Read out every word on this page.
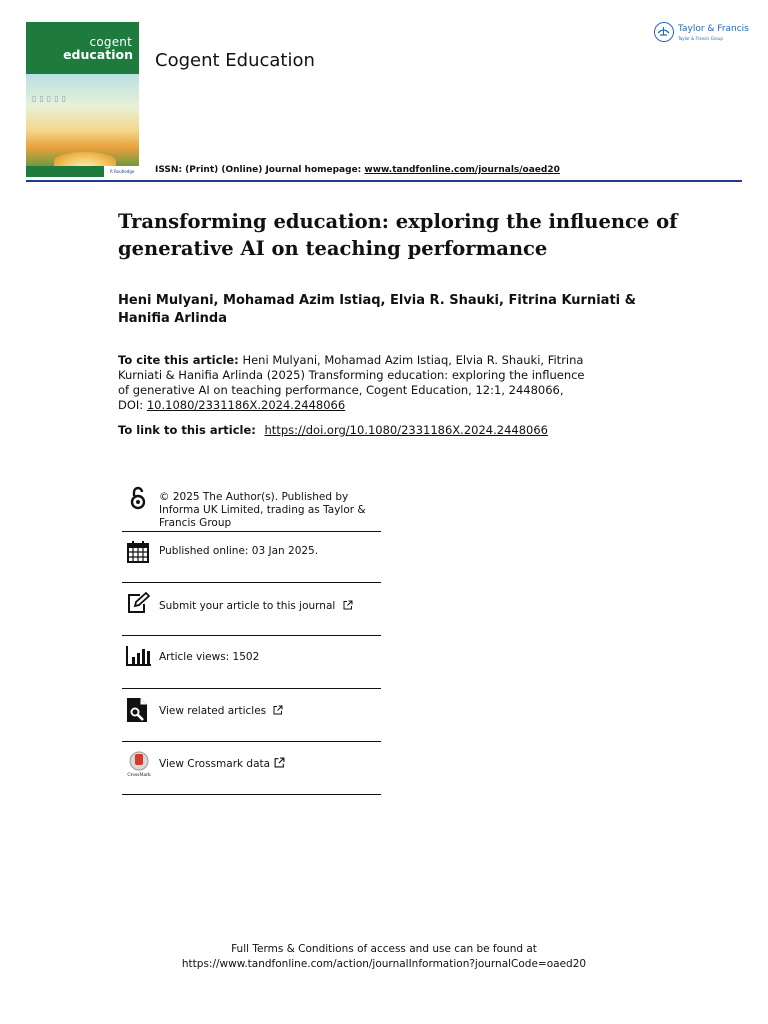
cogent
education
▯▯▯▯▯
R Routledge
Cogent Education
ISSN: (Print) (Online) Journal homepage: www.tandfonline.com/journals/oaed20
Taylor & Francis
Taylor & Francis Group
Transforming education: exploring the influence of generative AI on teaching performance
Heni Mulyani, Mohamad Azim Istiaq, Elvia R. Shauki, Fitrina Kurniati & Hanifia Arlinda
To cite this article: Heni Mulyani, Mohamad Azim Istiaq, Elvia R. Shauki, Fitrina Kurniati & Hanifia Arlinda (2025) Transforming education: exploring the influence of generative AI on teaching performance, Cogent Education, 12:1, 2448066, DOI: 10.1080/2331186X.2024.2448066
To link to this article: https://doi.org/10.1080/2331186X.2024.2448066
© 2025 The Author(s). Published by Informa UK Limited, trading as Taylor & Francis Group
Published online: 03 Jan 2025.
Submit your article to this journal
Article views: 1502
View related articles
CrossMark
View Crossmark data
Full Terms & Conditions of access and use can be found at
https://www.tandfonline.com/action/journalInformation?journalCode=oaed20
